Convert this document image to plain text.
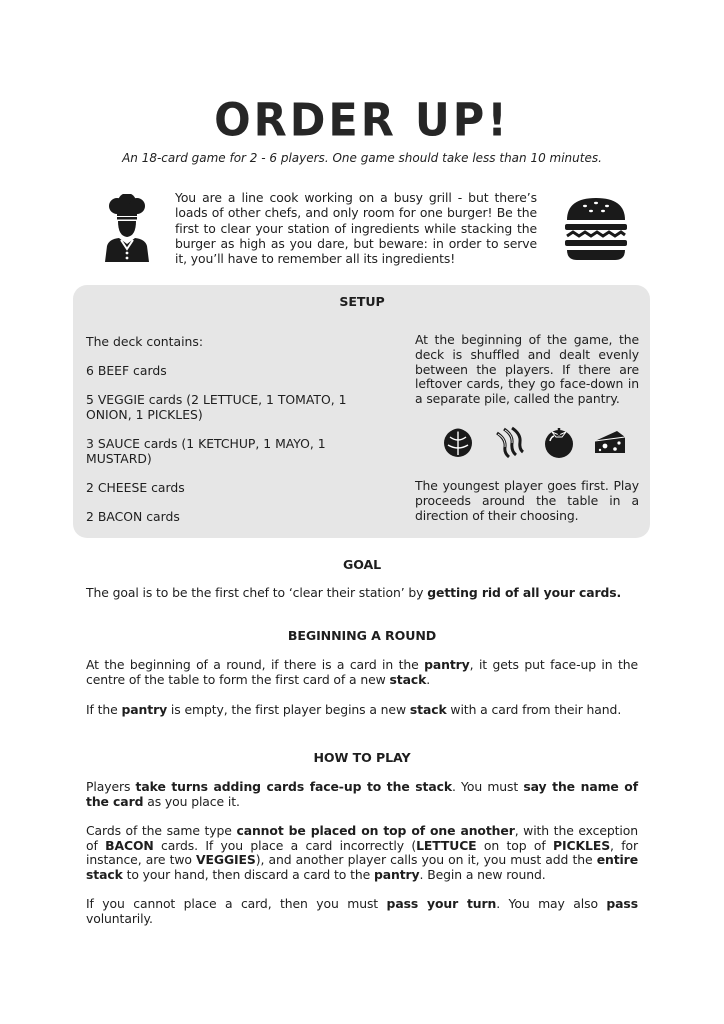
ORDER UP!
An 18-card game for 2 - 6 players. One game should take less than 10 minutes.
You are a line cook working on a busy grill - but there’s loads of other chefs, and only room for one burger! Be the first to clear your station of ingredients while stacking the burger as high as you dare, but beware: in order to serve it, you’ll have to remember all its ingredients!
SETUP

The deck contains:

6 BEEF cards

5 VEGGIE cards (2 LETTUCE, 1 TOMATO, 1 ONION, 1 PICKLES)

3 SAUCE cards (1 KETCHUP, 1 MAYO, 1 MUSTARD)

2 CHEESE cards

2 BACON cards

At the beginning of the game, the deck is shuffled and dealt evenly between the players. If there are leftover cards, they go face-down in a separate pile, called the pantry.
The youngest player goes first. Play proceeds around the table in a direction of their choosing.
GOAL
The goal is to be the first chef to ‘clear their station’ by getting rid of all your cards.
BEGINNING A ROUND
At the beginning of a round, if there is a card in the pantry, it gets put face-up in the centre of the table to form the first card of a new stack.
If the pantry is empty, the first player begins a new stack with a card from their hand.
HOW TO PLAY
Players take turns adding cards face-up to the stack. You must say the name of the card as you place it.
Cards of the same type cannot be placed on top of one another, with the exception of BACON cards. If you place a card incorrectly (LETTUCE on top of PICKLES, for instance, are two VEGGIES), and another player calls you on it, you must add the entire stack to your hand, then discard a card to the pantry. Begin a new round.
If you cannot place a card, then you must pass your turn. You may also pass voluntarily.
